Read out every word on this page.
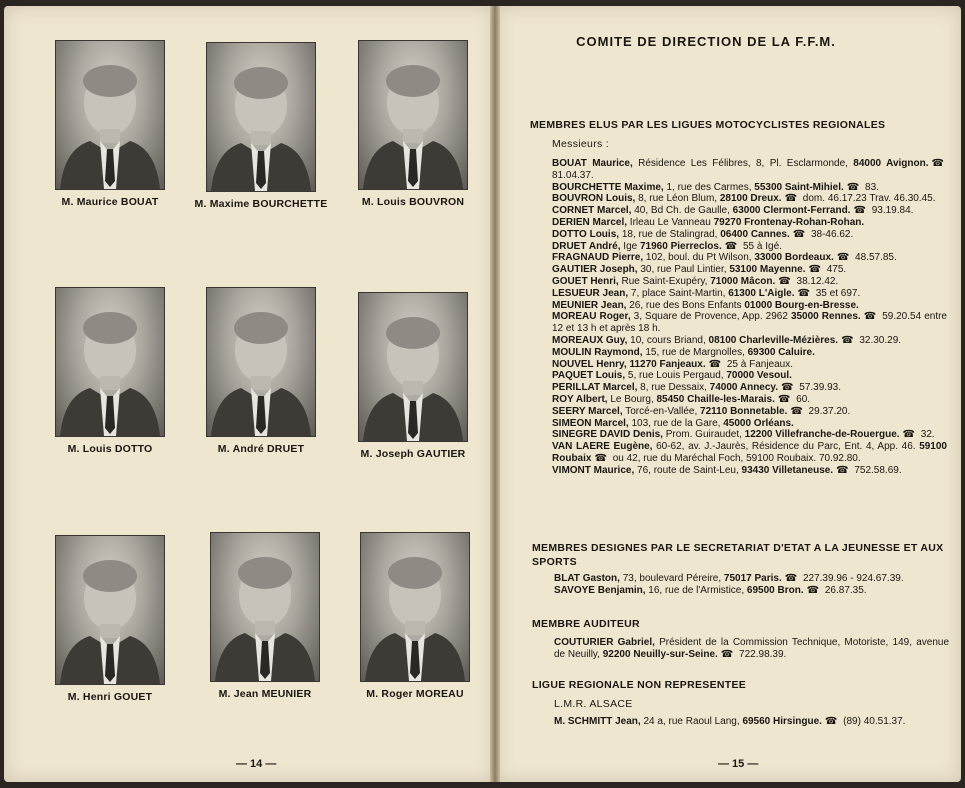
M. Maurice BOUAT	M. Maxime BOURCHETTE	M. Louis BOUVRON
M. Louis DOTTO	M. André DRUET	M. Joseph GAUTIER
M. Henri GOUET	M. Jean MEUNIER	M. Roger MOREAU
— 14 —
COMITE DE DIRECTION DE LA F.F.M.
MEMBRES ELUS PAR LES LIGUES MOTOCYCLISTES REGIONALES
Messieurs :

BOUAT Maurice, Résidence Les Félibres, 8, Pl. Esclarmonde, 84000 Avignon. ☎ 81.04.37.

BOURCHETTE Maxime, 1, rue des Carmes, 55300 Saint-Mihiel. ☎ 83.

BOUVRON Louis, 8, rue Léon Blum, 28100 Dreux. ☎ dom. 46.17.23 Trav. 46.30.45.

CORNET Marcel, 40, Bd Ch. de Gaulle, 63000 Clermont-Ferrand. ☎ 93.19.84.

DERIEN Marcel, Irleau Le Vanneau 79270 Frontenay-Rohan-Rohan.

DOTTO Louis, 18, rue de Stalingrad, 06400 Cannes. ☎ 38-46.62.

DRUET André, Ige 71960 Pierreclos. ☎ 55 à Igé.

FRAGNAUD Pierre, 102, boul. du Pt Wilson, 33000 Bordeaux. ☎ 48.57.85.

GAUTIER Joseph, 30, rue Paul Lintier, 53100 Mayenne. ☎ 475.

GOUET Henri, Rue Saint-Exupéry, 71000 Mâcon. ☎ 38.12.42.

LESUEUR Jean, 7, place Saint-Martin, 61300 L'Aigle. ☎ 35 et 697.

MEUNIER Jean, 26, rue des Bons Enfants 01000 Bourg-en-Bresse.

MOREAU Roger, 3, Square de Provence, App. 2962 35000 Rennes. ☎ 59.20.54 entre 12 et 13 h et après 18 h.

MOREAUX Guy, 10, cours Briand, 08100 Charleville-Mézières. ☎ 32.30.29.

MOULIN Raymond, 15, rue de Margnolles, 69300 Caluire.

NOUVEL Henry, 11270 Fanjeaux. ☎ 25 à Fanjeaux.

PAQUET Louis, 5, rue Louis Pergaud, 70000 Vesoul.

PERILLAT Marcel, 8, rue Dessaix, 74000 Annecy. ☎ 57.39.93.

ROY Albert, Le Bourg, 85450 Chaille-les-Marais. ☎ 60.

SEERY Marcel, Torcé-en-Vallée, 72110 Bonnetable. ☎ 29.37.20.

SIMEON Marcel, 103, rue de la Gare, 45000 Orléans.

SINEGRE DAVID Denis, Prom. Guiraudet, 12200 Villefranche-de-Rouergue. ☎ 32.

VAN LAERE Eugène, 60-62, av. J.-Jaurès, Résidence du Parc, Ent. 4, App. 46. 59100 Roubaix ☎ ou 42, rue du Maréchal Foch, 59100 Roubaix. 70.92.80.

VIMONT Maurice, 76, route de Saint-Leu, 93430 Villetaneuse. ☎ 752.58.69.

MEMBRES DESIGNES PAR LE SECRETARIAT D'ETAT A LA JEUNESSE ET AUX SPORTS

BLAT Gaston, 73, boulevard Péreire, 75017 Paris. ☎ 227.39.96 - 924.67.39.

SAVOYE Benjamin, 16, rue de l'Armistice, 69500 Bron. ☎ 26.87.35.

MEMBRE AUDITEUR

COUTURIER Gabriel, Président de la Commission Technique, Motoriste, 149, avenue de Neuilly, 92200 Neuilly-sur-Seine. ☎ 722.98.39.

LIGUE REGIONALE NON REPRESENTEE
L.M.R. ALSACE

M. SCHMITT Jean, 24 a, rue Raoul Lang, 69560 Hirsingue. ☎ (89) 40.51.37.

— 15 —
